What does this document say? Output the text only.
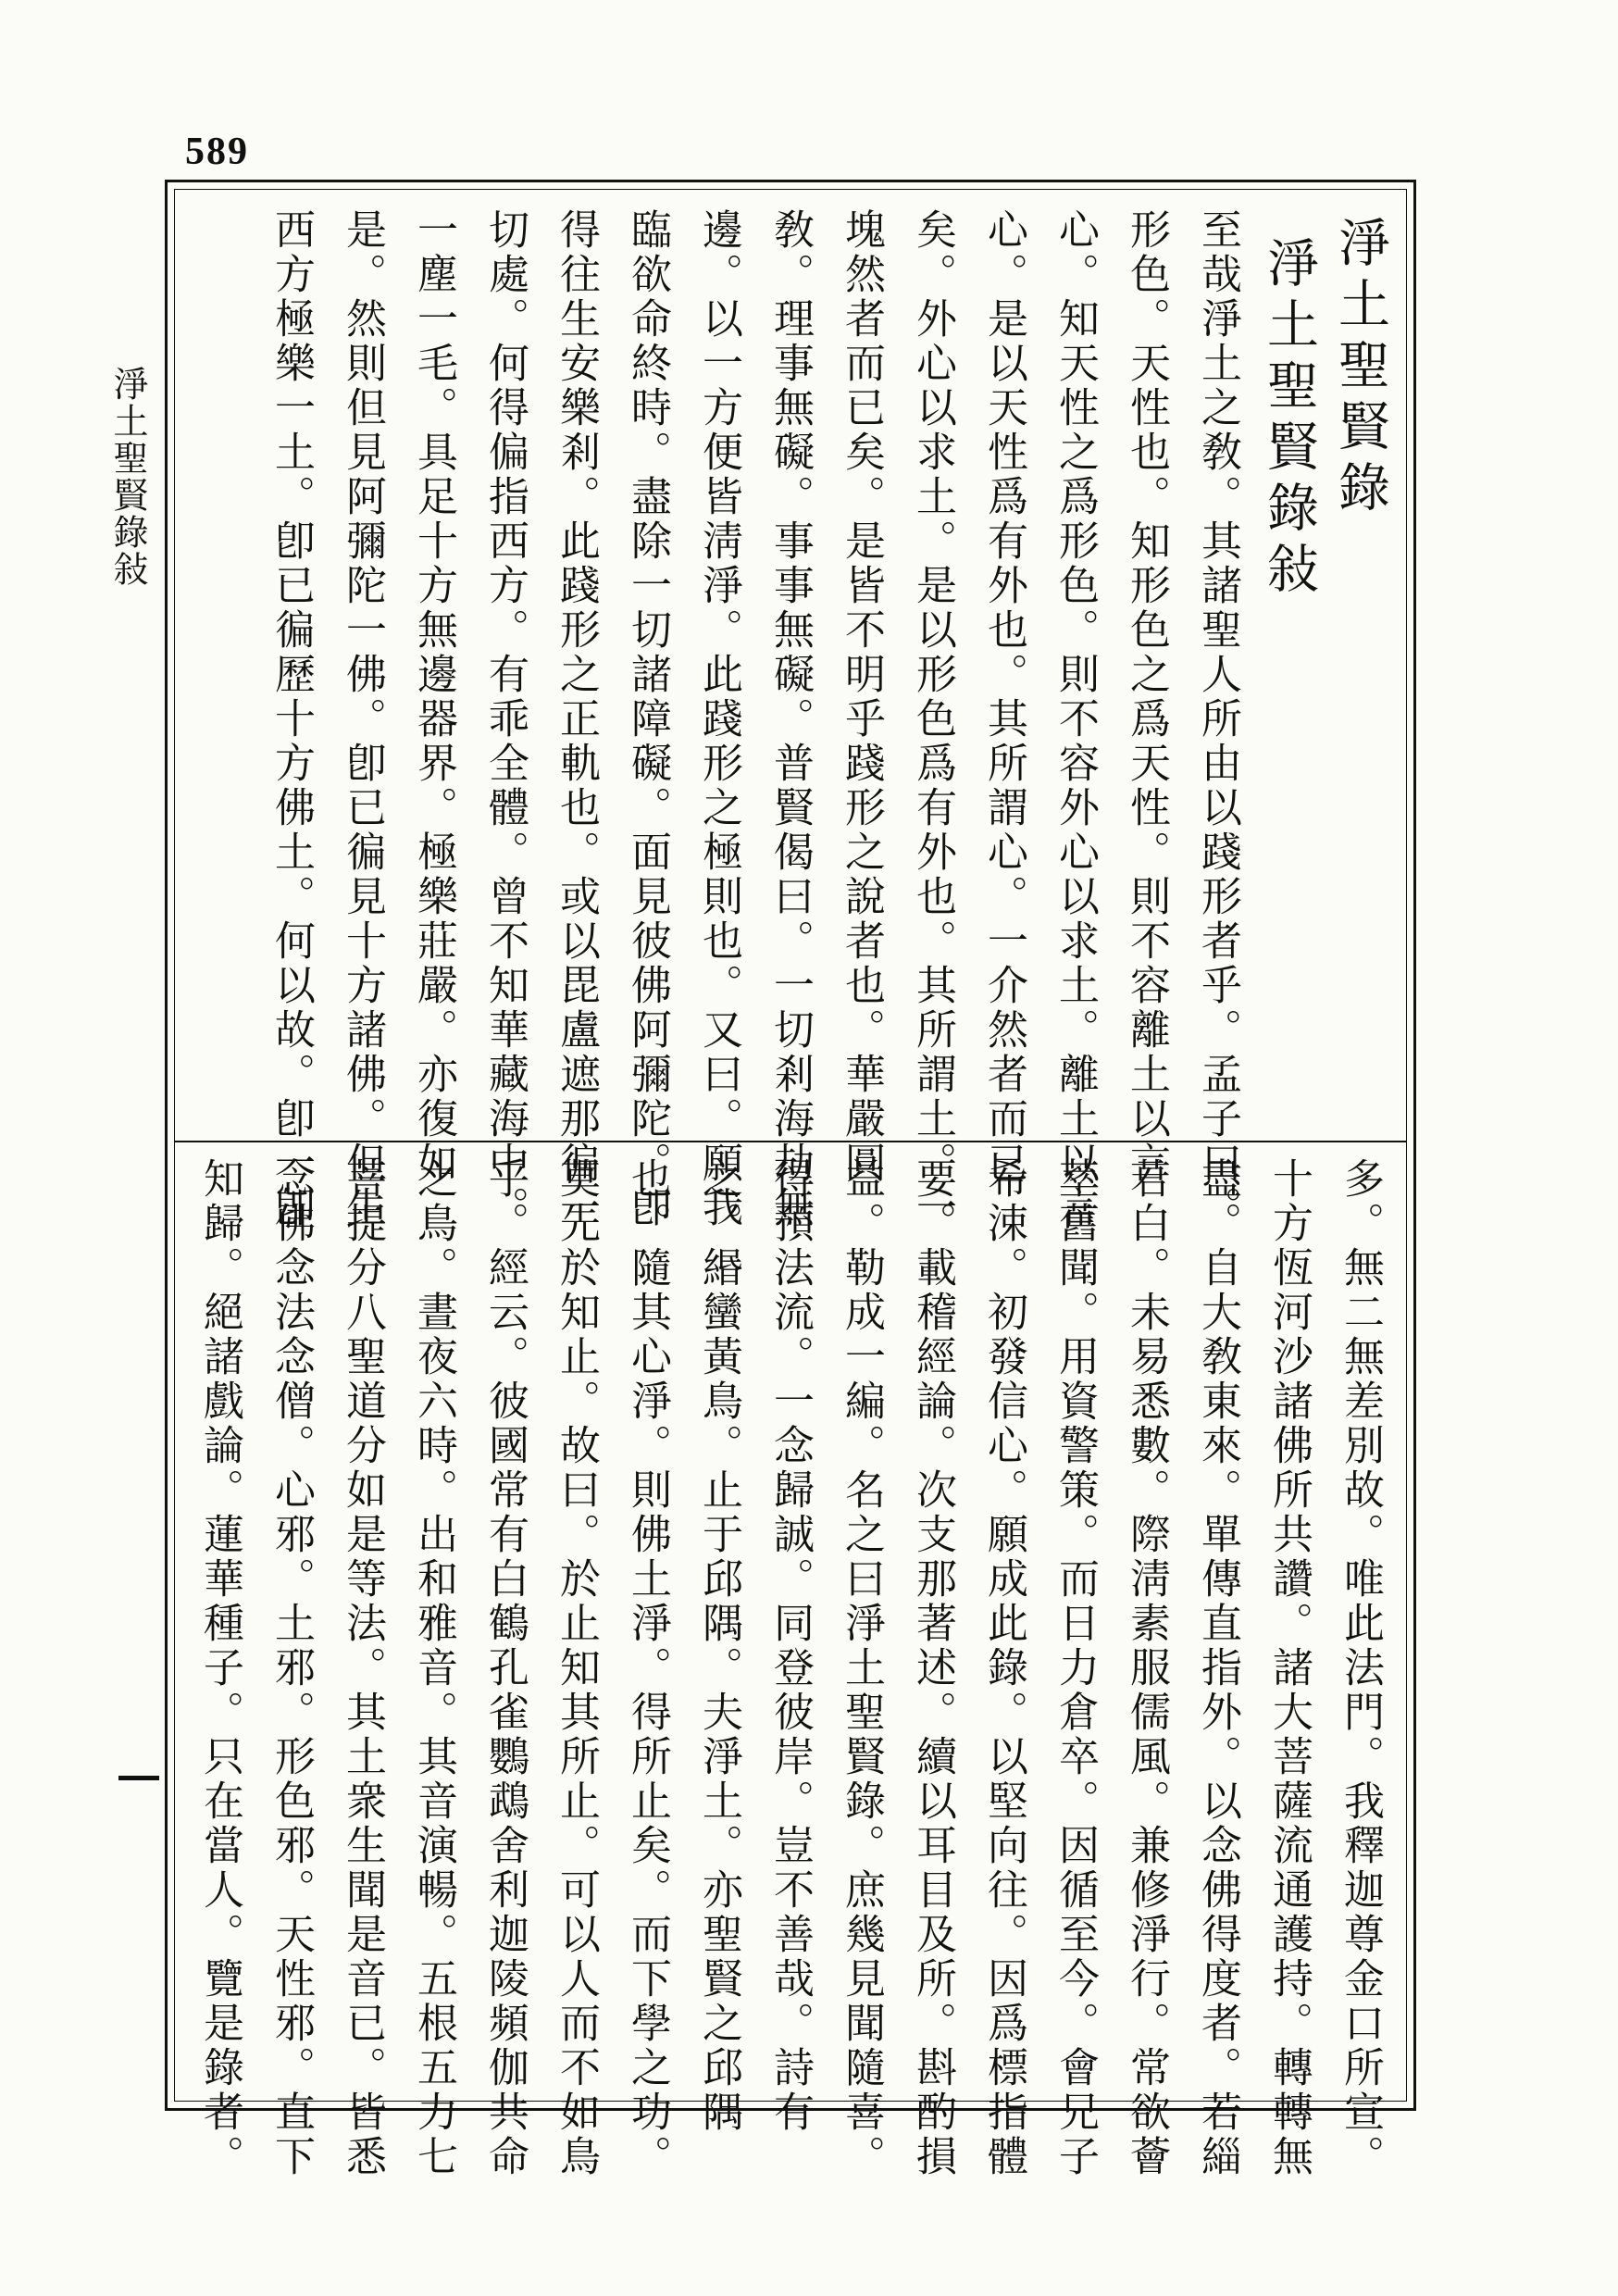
589
淨土聖賢錄敍	淨土聖賢錄
淨土聖賢錄敍
至哉淨土之敎。其諸聖人所由以踐形者乎。孟子曰。
形色。天性也。知形色之爲天性。則不容離土以言
心。知天性之爲形色。則不容外心以求土。離土以言
心。是以天性爲有外也。其所謂心。一介然者而已
矣。外心以求土。是以形色爲有外也。其所謂土。一
塊然者而已矣。是皆不明乎踐形之說者也。華嚴圓
敎。理事無礙。事事無礙。普賢偈曰。一切剎海劫無
邊。以一方便皆淸淨。此踐形之極則也。又曰。願我
臨欲命終時。盡除一切諸障礙。面見彼佛阿彌陀。卽
得往生安樂剎。此踐形之正軌也。或以毘盧遮那徧一
切處。何得偏指西方。有乖全體。曾不知華藏海中。
一塵一毛。具足十方無邊器界。極樂莊嚴。亦復如
是。然則但見阿彌陀一佛。卽已徧見十方諸佛。但生
西方極樂一土。卽已徧歷十方佛土。何以故。卽一卽
多。無二無差別故。唯此法門。我釋迦尊金口所宣。
十方恆河沙諸佛所共讚。諸大菩薩流通護持。轉轉無
盡。自大敎東來。單傳直指外。以念佛得度者。若緇
若白。未易悉數。際淸素服儒風。兼修淨行。常欲薈
萃舊聞。用資警策。而日力倉卒。因循至今。會兄子
希涑。初發信心。願成此錄。以堅向往。因爲標指體
要。載稽經論。次支那著述。續以耳目及所。斟酌損
益。勒成一編。名之曰淨土聖賢錄。庶幾見聞隨喜。
得預法流。一念歸誠。同登彼岸。豈不善哉。詩有
之。緡蠻黃鳥。止于邱隅。夫淨土。亦聖賢之邱隅
也。隨其心淨。則佛土淨。得所止矣。而下學之功。
莫先於知止。故曰。於止知其所止。可以人而不如鳥
乎。經云。彼國常有白鶴孔雀鸚鵡舍利迦陵頻伽共命
之鳥。晝夜六時。出和雅音。其音演暢。五根五力七
菩提分八聖道分如是等法。其土衆生聞是音已。皆悉
念佛念法念僧。心邪。土邪。形色邪。天性邪。直下
知歸。絕諸戲論。蓮華種子。只在當人。覽是錄者。
